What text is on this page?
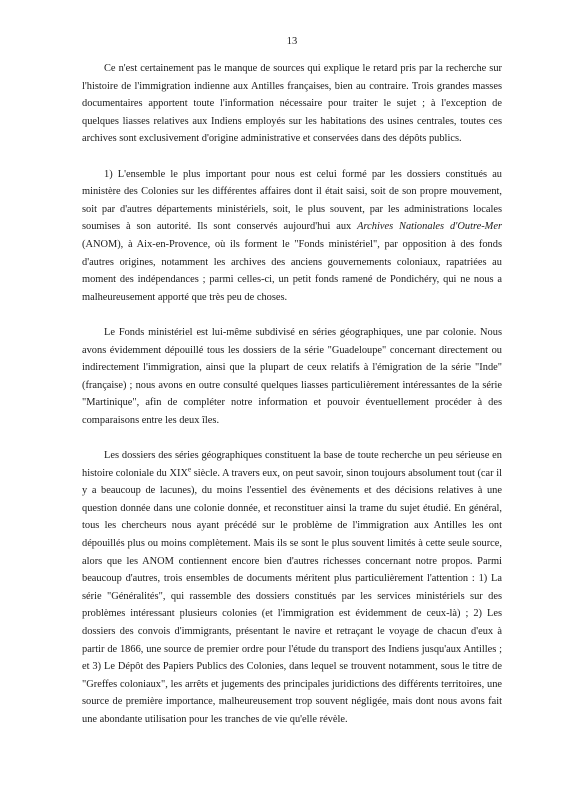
13

Ce n'est certainement pas le manque de sources qui explique le retard pris par la recherche sur l'histoire de l'immigration indienne aux Antilles françaises, bien au contraire. Trois grandes masses documentaires apportent toute l'information nécessaire pour traiter le sujet ; à l'exception de quelques liasses relatives aux Indiens employés sur les habitations des usines centrales, toutes ces archives sont exclusivement d'origine administrative et conservées dans des dépôts publics.

1) L'ensemble le plus important pour nous est celui formé par les dossiers constitués au ministère des Colonies sur les différentes affaires dont il était saisi, soit de son propre mouvement, soit par d'autres départements ministériels, soit, le plus souvent, par les administrations locales soumises à son autorité. Ils sont conservés aujourd'hui aux Archives Nationales d'Outre-Mer (ANOM), à Aix-en-Provence, où ils forment le "Fonds ministériel", par opposition à des fonds d'autres origines, notamment les archives des anciens gouvernements coloniaux, rapatriées au moment des indépendances ; parmi celles-ci, un petit fonds ramené de Pondichéry, qui ne nous a malheureusement apporté que très peu de choses.

Le Fonds ministériel est lui-même subdivisé en séries géographiques, une par colonie. Nous avons évidemment dépouillé tous les dossiers de la série "Guadeloupe" concernant directement ou indirectement l'immigration, ainsi que la plupart de ceux relatifs à l'émigration de la série "Inde" (française) ; nous avons en outre consulté quelques liasses particulièrement intéressantes de la série "Martinique", afin de compléter notre information et pouvoir éventuellement procéder à des comparaisons entre les deux îles.

Les dossiers des séries géographiques constituent la base de toute recherche un peu sérieuse en histoire coloniale du XIXe siècle. A travers eux, on peut savoir, sinon toujours absolument tout (car il y a beaucoup de lacunes), du moins l'essentiel des évènements et des décisions relatives à une question donnée dans une colonie donnée, et reconstituer ainsi la trame du sujet étudié. En général, tous les chercheurs nous ayant précédé sur le problème de l'immigration aux Antilles les ont dépouillés plus ou moins complètement. Mais ils se sont le plus souvent limités à cette seule source, alors que les ANOM contiennent encore bien d'autres richesses concernant notre propos. Parmi beaucoup d'autres, trois ensembles de documents méritent plus particulièrement l'attention : 1) La série "Généralités", qui rassemble des dossiers constitués par les services ministériels sur des problèmes intéressant plusieurs colonies (et l'immigration est évidemment de ceux-là) ; 2) Les dossiers des convois d'immigrants, présentant le navire et retraçant le voyage de chacun d'eux à partir de 1866, une source de premier ordre pour l'étude du transport des Indiens jusqu'aux Antilles ; et 3) Le Dépôt des Papiers Publics des Colonies, dans lequel se trouvent notamment, sous le titre de "Greffes coloniaux", les arrêts et jugements des principales juridictions des différents territoires, une source de première importance, malheureusement trop souvent négligée, mais dont nous avons fait une abondante utilisation pour les tranches de vie qu'elle révèle.
